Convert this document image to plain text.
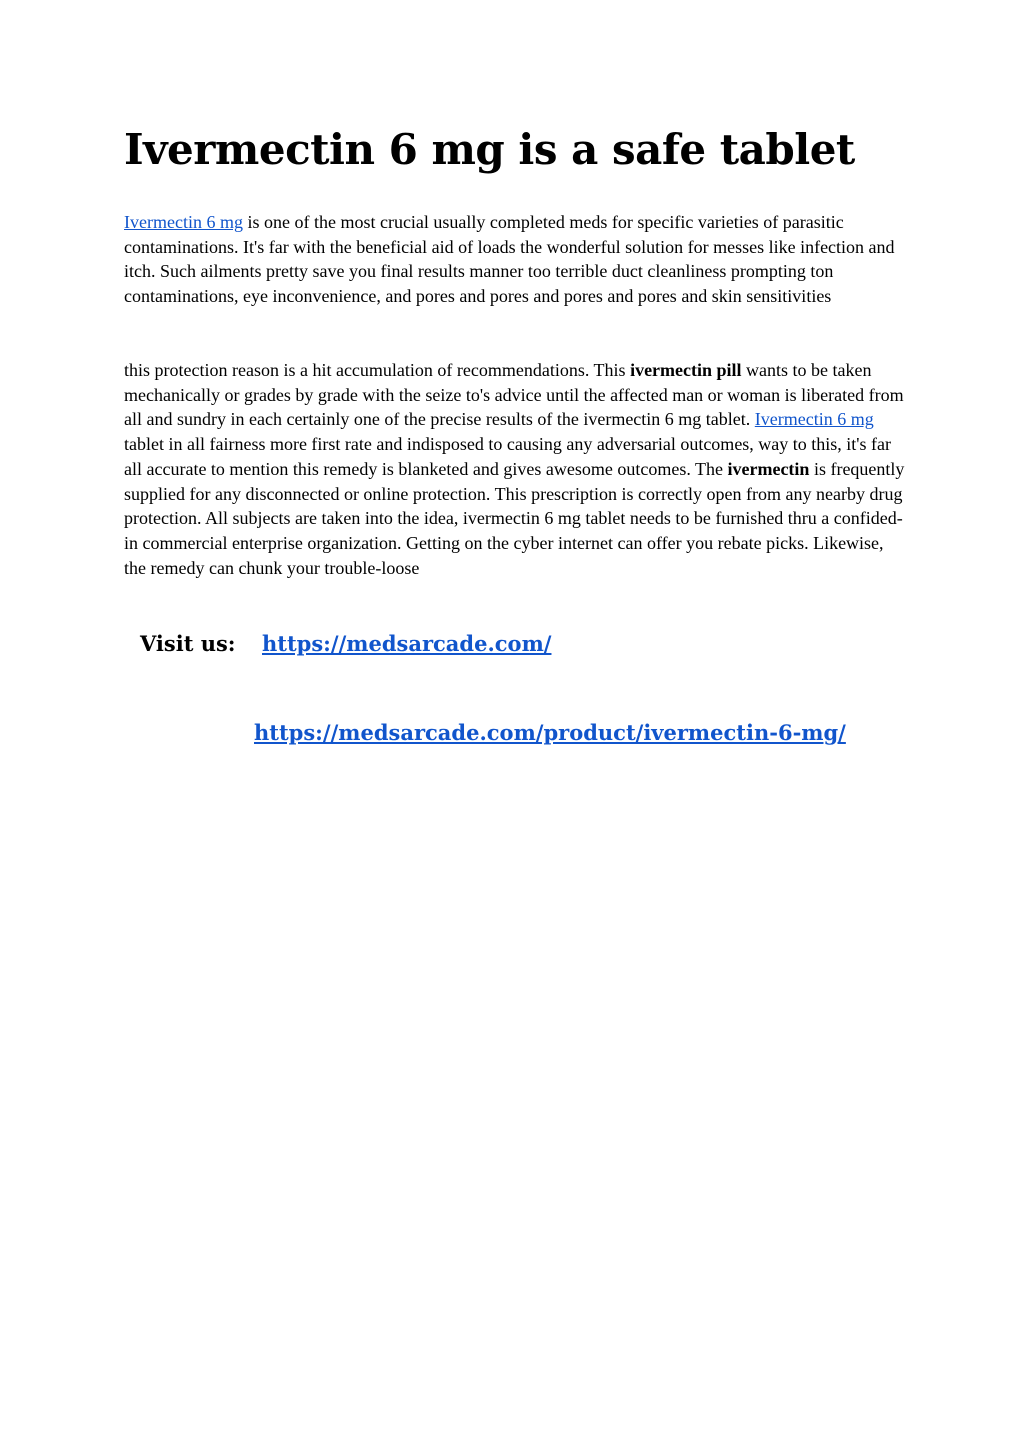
Ivermectin 6 mg is a safe tablet

Ivermectin 6 mg is one of the most crucial usually completed meds for specific varieties of parasitic contaminations. It's far with the beneficial aid of loads the wonderful solution for messes like infection and itch. Such ailments pretty save you final results manner too terrible duct cleanliness prompting ton contaminations, eye inconvenience, and pores and pores and pores and pores and skin sensitivities

this protection reason is a hit accumulation of recommendations. This ivermectin pill wants to be taken mechanically or grades by grade with the seize to's advice until the affected man or woman is liberated from all and sundry in each certainly one of the precise results of the ivermectin 6 mg tablet. Ivermectin 6 mg tablet in all fairness more first rate and indisposed to causing any adversarial outcomes, way to this, it's far all accurate to mention this remedy is blanketed and gives awesome outcomes. The ivermectin is frequently supplied for any disconnected or online protection. This prescription is correctly open from any nearby drug protection. All subjects are taken into the idea, ivermectin 6 mg tablet needs to be furnished thru a confided-in commercial enterprise organization. Getting on the cyber internet can offer you rebate picks. Likewise, the remedy can chunk your trouble-loose

Visit us: https://medsarcade.com/
https://medsarcade.com/product/ivermectin-6-mg/
